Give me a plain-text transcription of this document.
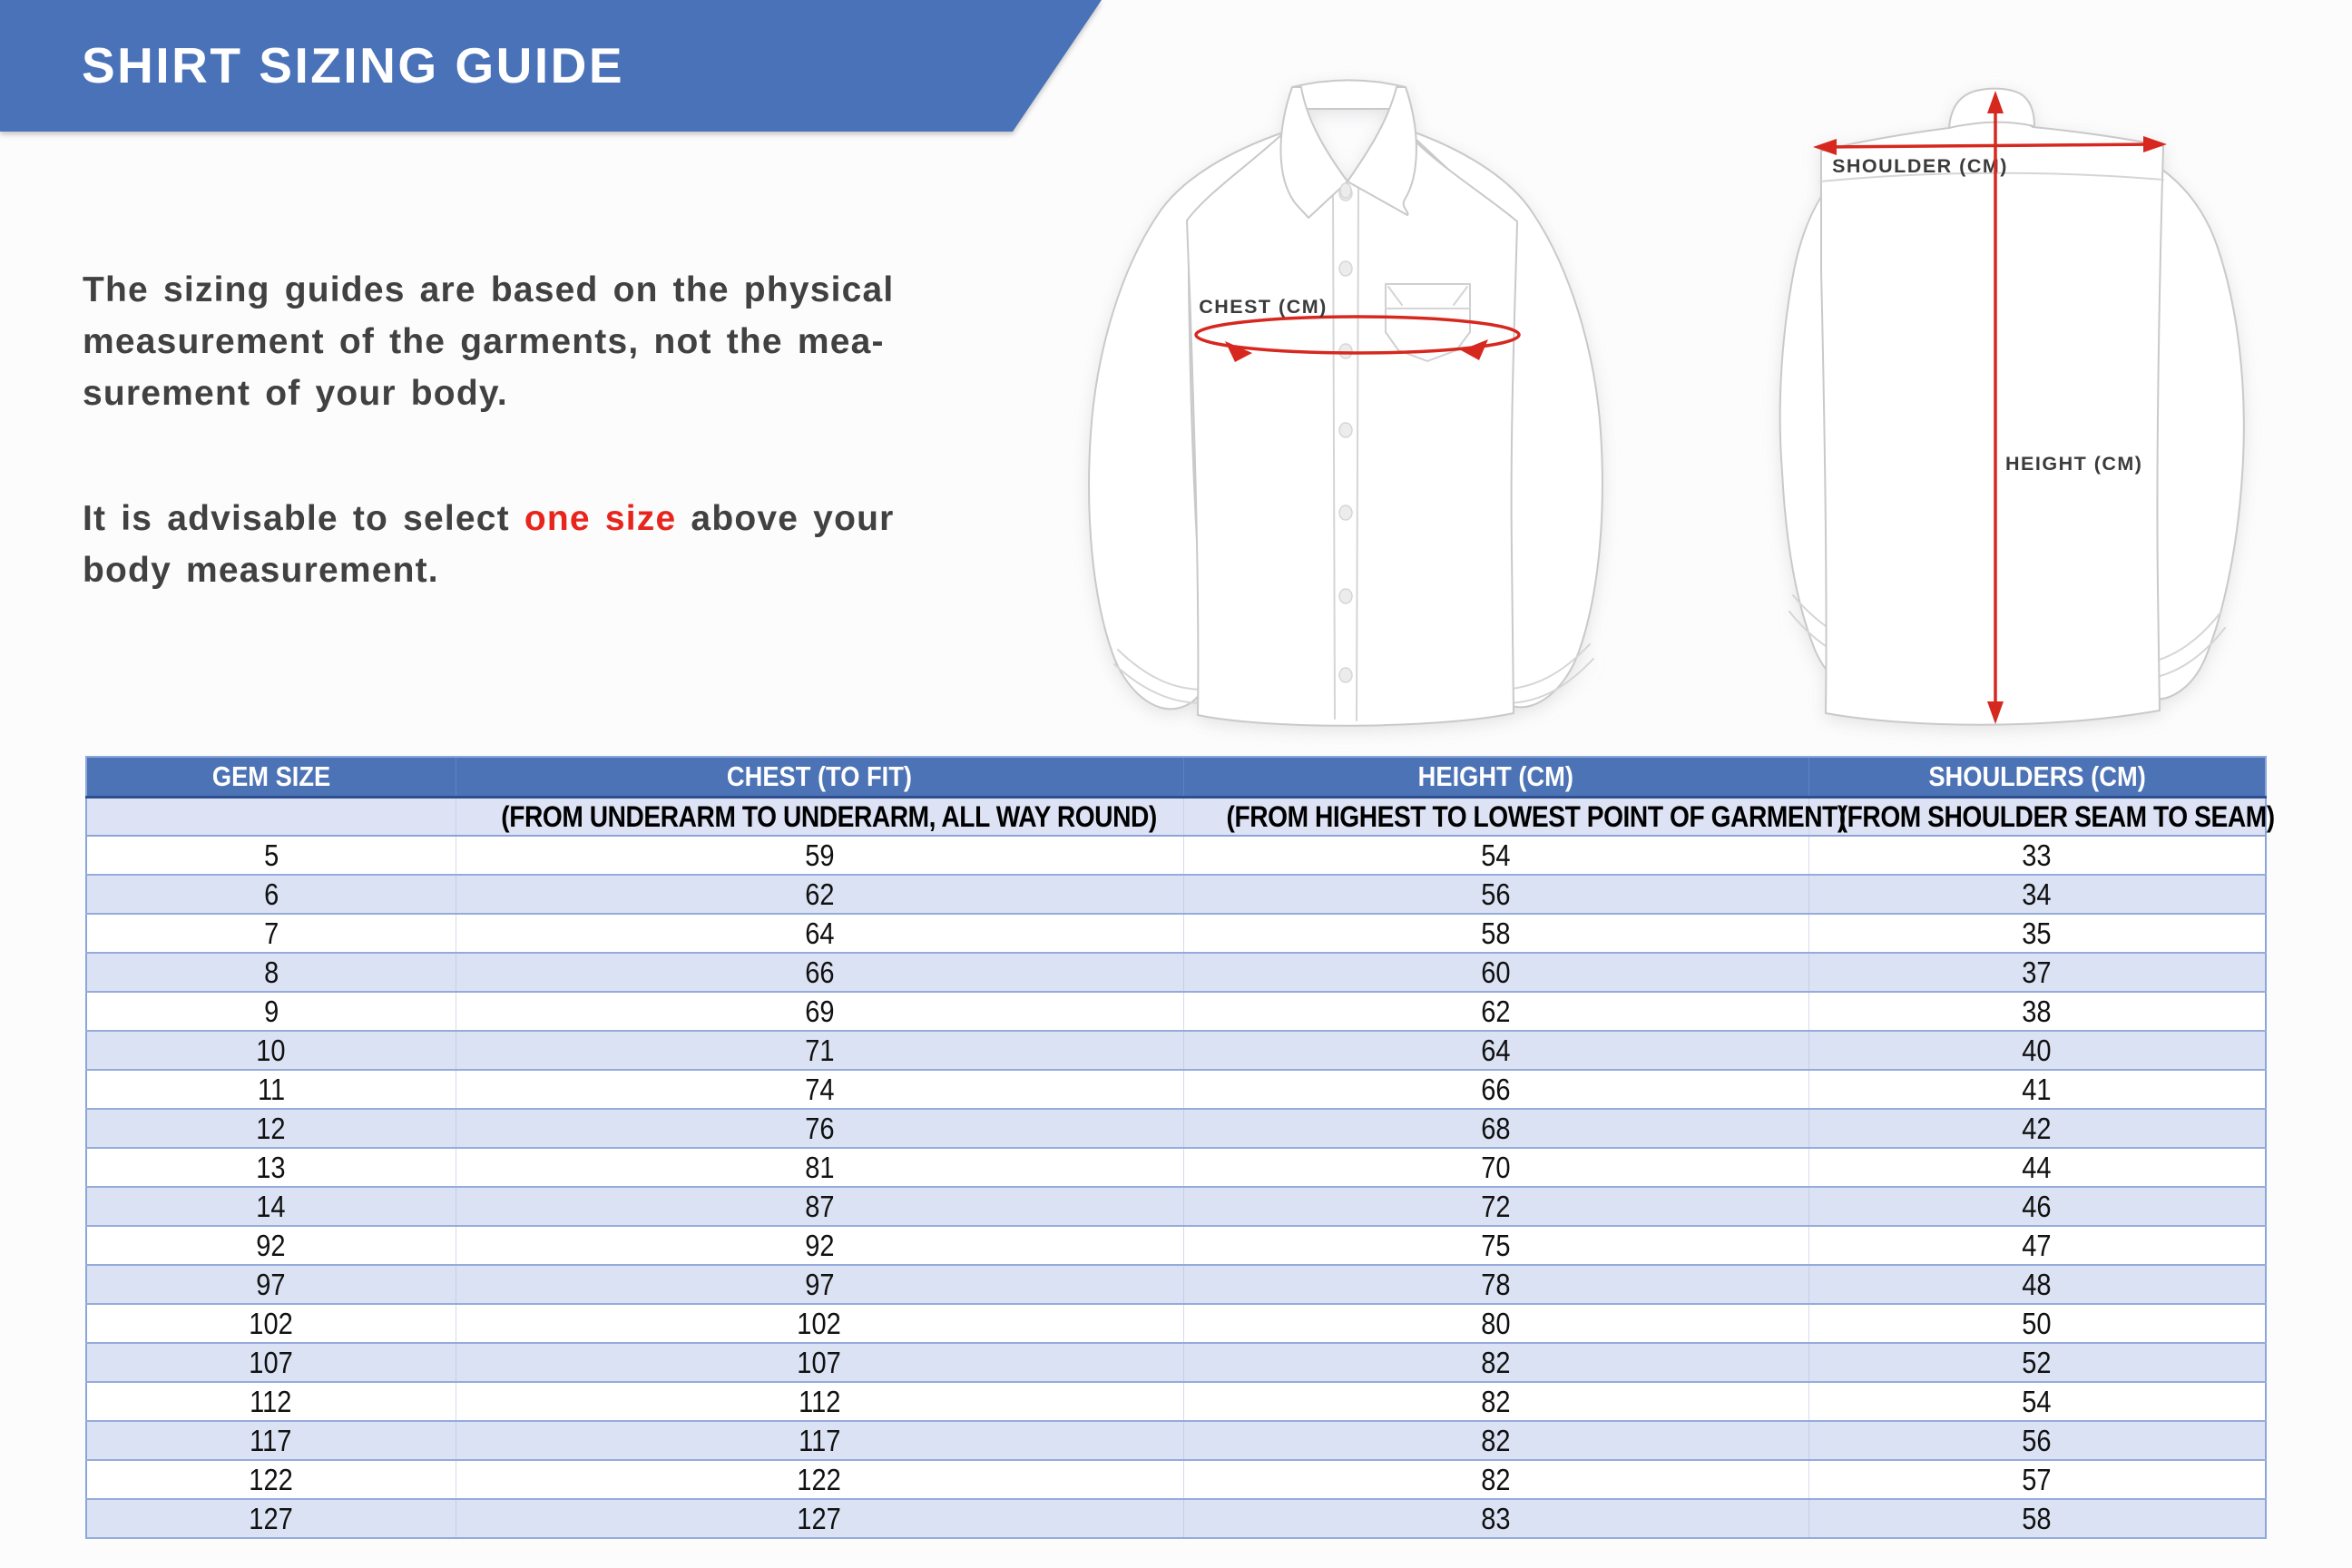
SHIRT SIZING GUIDE
The sizing guides are based on the physical
measurement of the garments, not the mea-
surement of your body.
It is advisable to select one size above your
body measurement.
CHEST (CM)
SHOULDER (CM)
HEIGHT (CM)
GEM SIZE	CHEST (TO FIT)	HEIGHT (CM)	SHOULDERS (CM)
	(FROM UNDERARM TO UNDERARM, ALL WAY ROUND)	(FROM HIGHEST TO LOWEST POINT OF GARMENT)	(FROM SHOULDER SEAM TO SEAM)
5	59	54	33
6	62	56	34
7	64	58	35
8	66	60	37
9	69	62	38
10	71	64	40
11	74	66	41
12	76	68	42
13	81	70	44
14	87	72	46
92	92	75	47
97	97	78	48
102	102	80	50
107	107	82	52
112	112	82	54
117	117	82	56
122	122	82	57
127	127	83	58
